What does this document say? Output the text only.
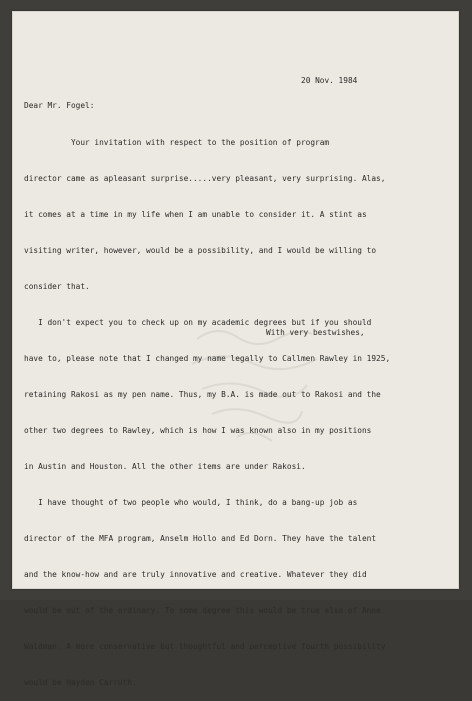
20 Nov. 1984
Dear Mr. Fogel:

Your invitation with respect to the position of program

director came as apleasant surprise.....very pleasant, very surprising. Alas,

it comes at a time in my life when I am unable to consider it. A stint as

visiting writer, however, would be a possibility, and I would be willing to

consider that.

I don't expect you to check up on my academic degrees but if you should

have to, please note that I changed my name legally to Callmen Rawley in 1925,

retaining Rakosi as my pen name. Thus, my B.A. is made out to Rakosi and the

other two degrees to Rawley, which is how I was known also in my positions

in Austin and Houston. All the other items are under Rakosi.

I have thought of two people who would, I think, do a bang-up job as

director of the MFA program, Anselm Hollo and Ed Dorn. They have the talent

and the know-how and are truly innovative and creative. Whatever they did

would be out of the ordinary. To some degree this would be true also of Anne

Waldman. A more conservative but thoughtful and perceptive fourth possibility

would be Hayden Carruth.

With very bestwishes,
